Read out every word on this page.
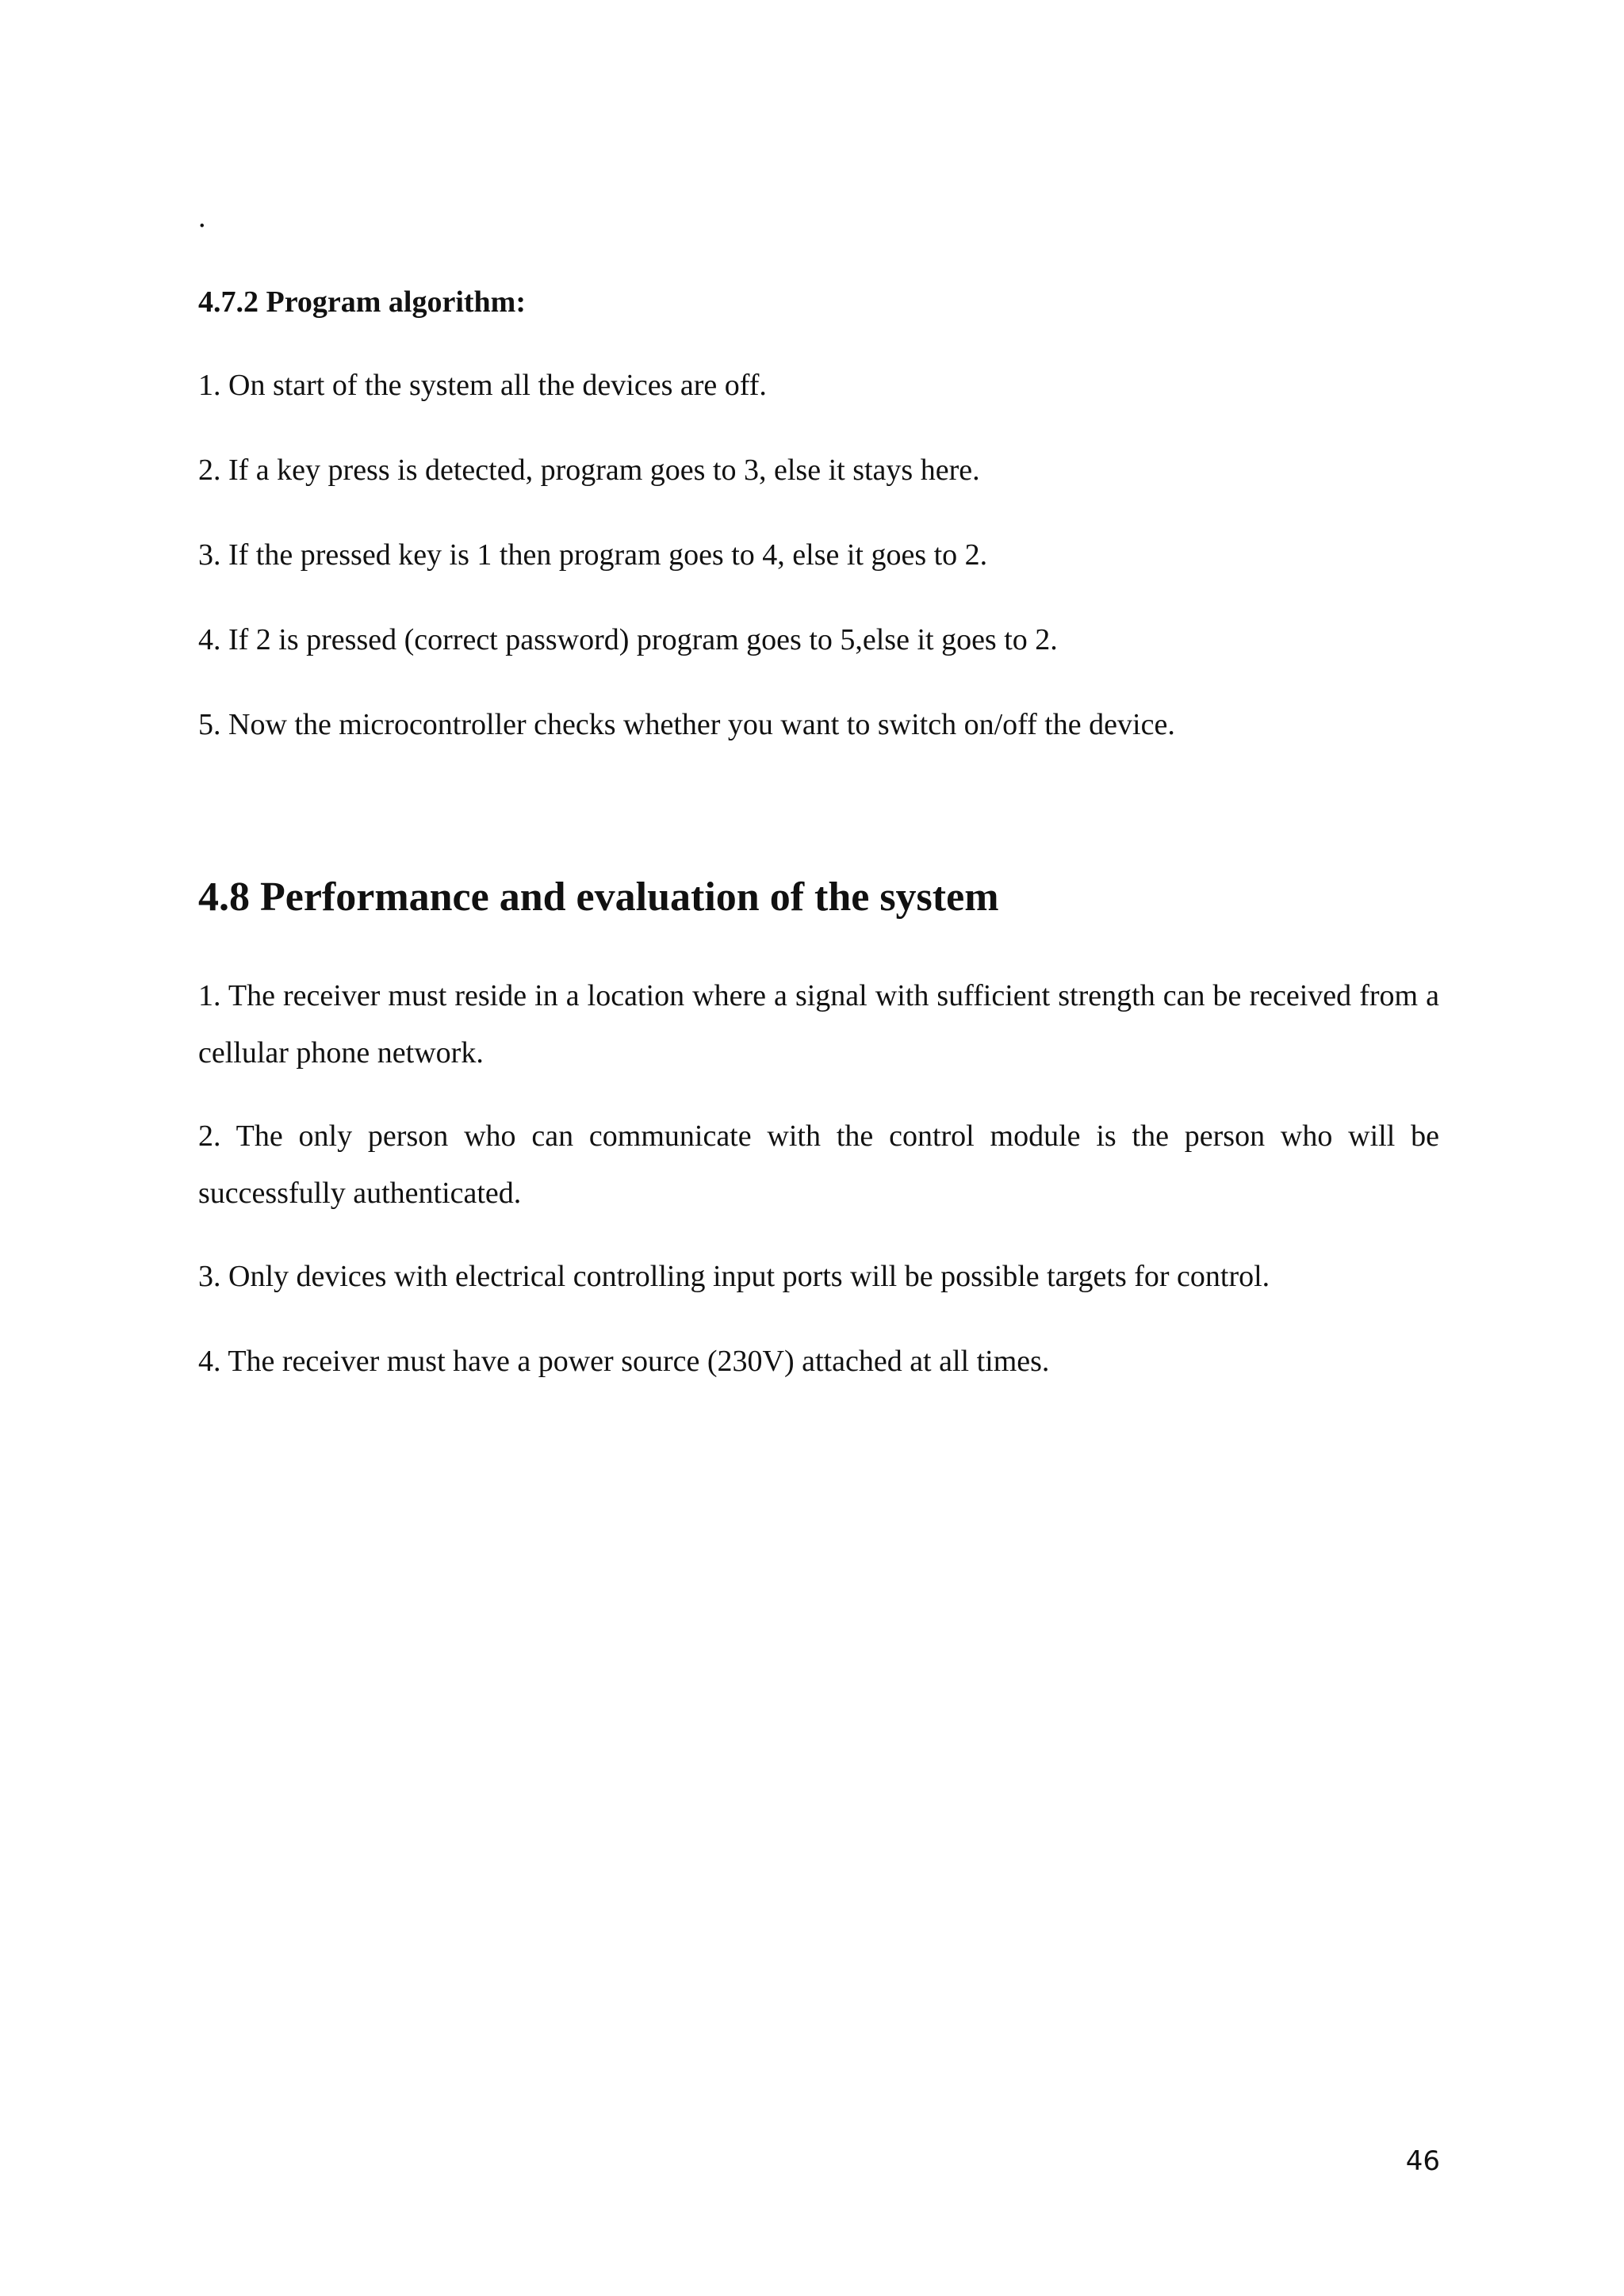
.
4.7.2 Program algorithm:
1. On start of the system all the devices are off.
2. If a key press is detected, program goes to 3, else it stays here.
3. If the pressed key is 1 then program goes to 4, else it goes to 2.
4. If 2 is pressed (correct password) program goes to 5,else it goes to 2.
5. Now the microcontroller checks whether you want to switch on/off the device.
4.8 Performance and evaluation of the system
1. The receiver must reside in a location where a signal with sufficient strength can be received from a cellular phone network.
2. The only person who can communicate with the control module is the person who will be successfully authenticated.
3. Only devices with electrical controlling input ports will be possible targets for control.
4. The receiver must have a power source (230V) attached at all times.
46
